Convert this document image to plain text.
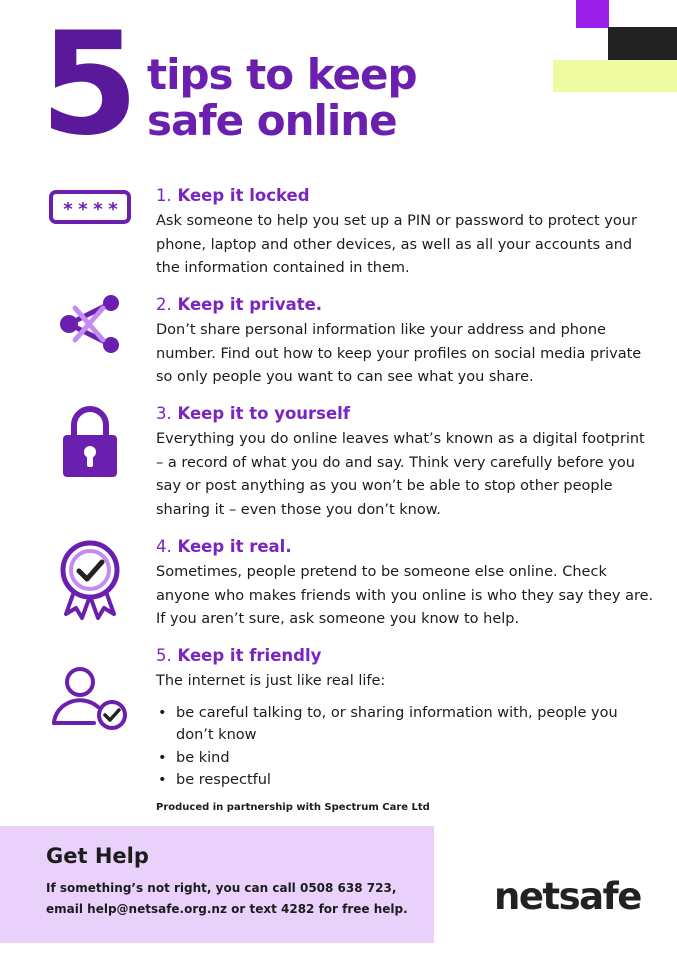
5 tips to keep
safe online
* * * *
1. Keep it locked

Ask someone to help you set up a PIN or password to protect your phone, laptop and other devices, as well as all your accounts and the information contained in them.

2. Keep it private.

Don’t share personal information like your address and phone number. Find out how to keep your profiles on social media private so only people you want to can see what you share.

3. Keep it to yourself

Everything you do online leaves what’s known as a digital footprint – a record of what you do and say. Think very carefully before you say or post anything as you won’t be able to stop other people sharing it – even those you don’t know.

4. Keep it real.

Sometimes, people pretend to be someone else online. Check anyone who makes friends with you online is who they say they are. If you aren’t sure, ask someone you know to help.

5. Keep it friendly

The internet is just like real life:

• be careful talking to, or sharing information with, people you don’t know
• be kind
• be respectful
Produced in partnership with Spectrum Care Ltd
Get Help

If something’s not right, you can call 0508 638 723,
email help@netsafe.org.nz or text 4282 for free help.	netsafe
